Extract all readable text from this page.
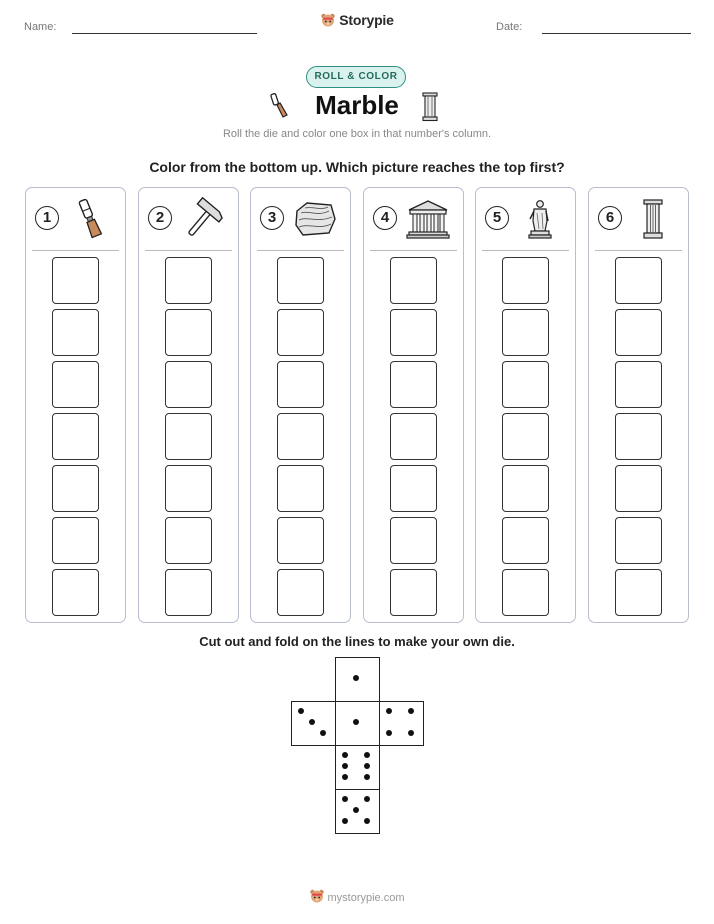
Name:	Storypie	Date:
ROLL & COLOR
Marble
Roll the die and color one box in that number's column.
Color from the bottom up. Which picture reaches the top first?
1	2	3	4	5	6
Cut out and fold on the lines to make your own die.
mystorypie.com
